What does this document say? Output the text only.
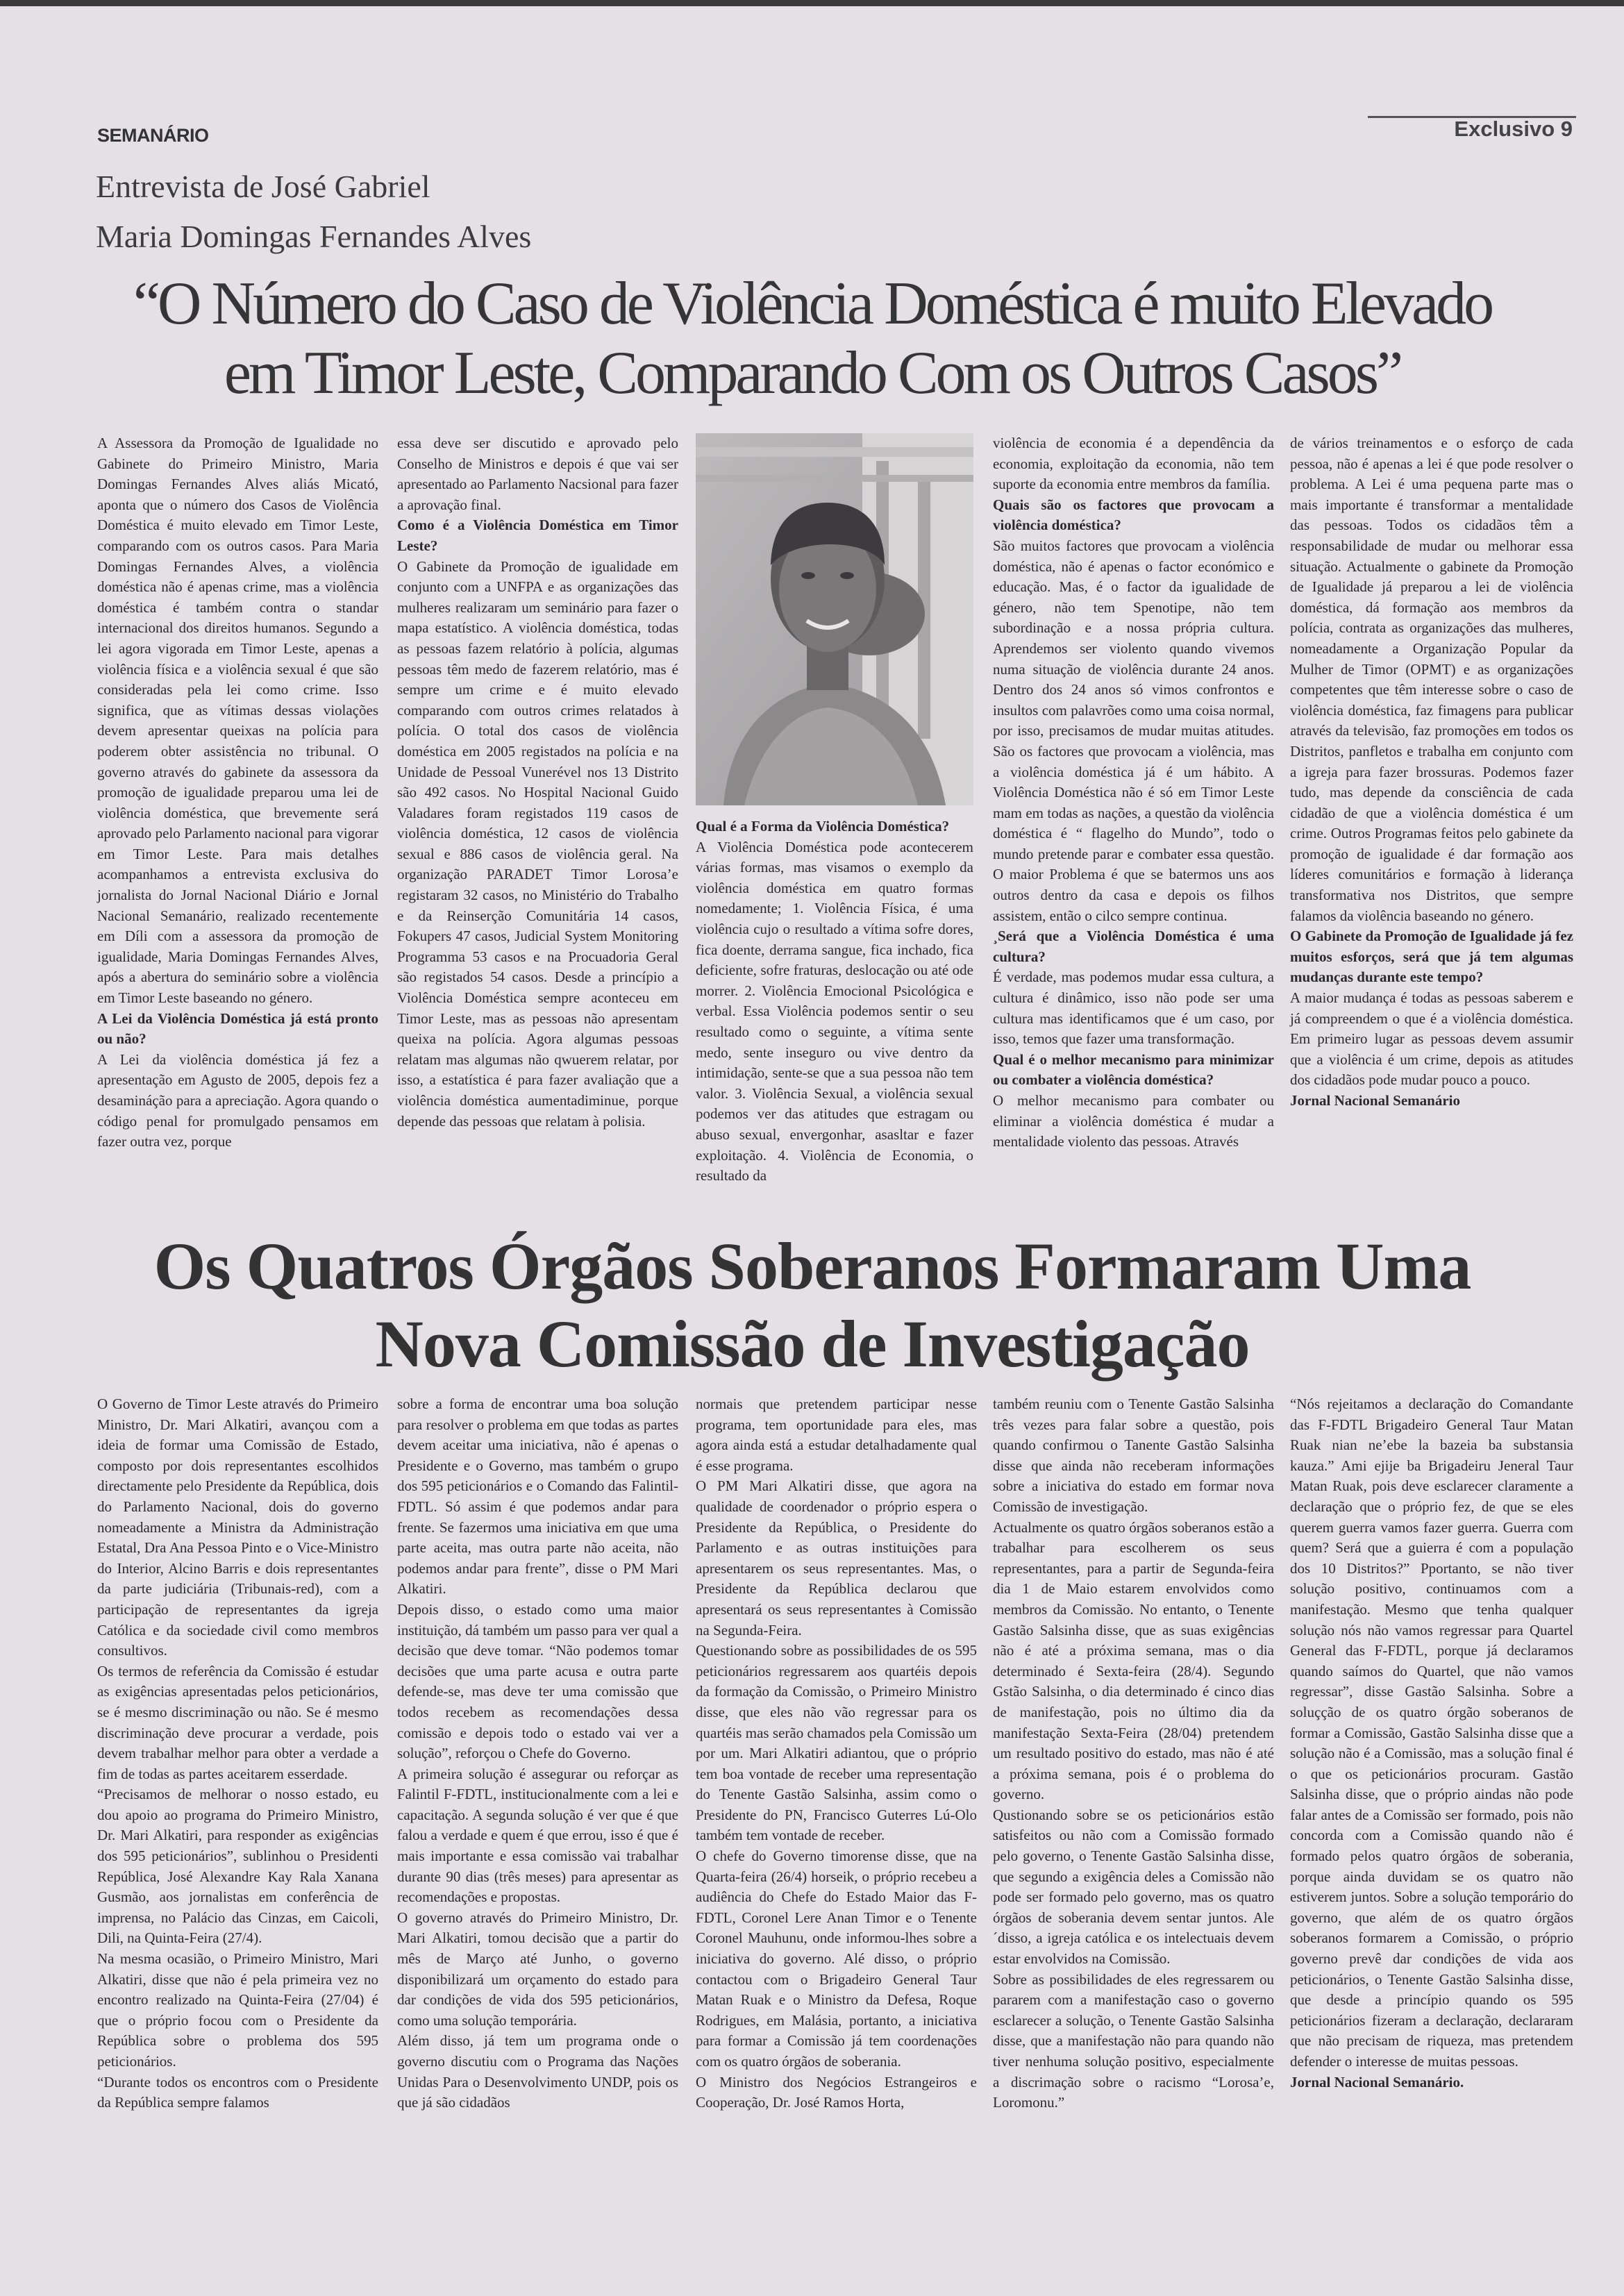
SEMANÁRIO	Exclusivo 9
Entrevista de José Gabriel
Maria Domingas Fernandes Alves
“O Número do Caso de Violência Doméstica é muito Elevado
em Timor Leste, Comparando Com os Outros Casos”

A Assessora da Promoção de Igualidade no Gabinete do Primeiro Ministro, Maria Domingas Fernandes Alves aliás Micató, aponta que o número dos Casos de Violência Doméstica é muito elevado em Timor Leste, comparando com os outros casos. Para Maria Domingas Fernandes Alves, a violência doméstica não é apenas crime, mas a violência doméstica é também contra o standar internacional dos direitos humanos. Segundo a lei agora vigorada em Timor Leste, apenas a violência física e a violência sexual é que são consideradas pela lei como crime. Isso significa, que as vítimas dessas violações devem apresentar queixas na polícia para poderem obter assistência no tribunal. O governo através do gabinete da assessora da promoção de igualidade preparou uma lei de violência doméstica, que brevemente será aprovado pelo Parlamento nacional para vigorar em Timor Leste. Para mais detalhes acompanhamos a entrevista exclusiva do jornalista do Jornal Nacional Diário e Jornal Nacional Semanário, realizado recentemente em Díli com a assessora da promoção de igualidade, Maria Domingas Fernandes Alves, após a abertura do seminário sobre a violência em Timor Leste baseando no género.

A Lei da Violência Doméstica já está pronto ou não?

A Lei da violência doméstica já fez a apresentação em Agusto de 2005, depois fez a desamináção para a apreciação. Agora quando o código penal for promulgado pensamos em fazer outra vez, porque

essa deve ser discutido e aprovado pelo Conselho de Ministros e depois é que vai ser apresentado ao Parlamento Nacsional para fazer a aprovação final.

Como é a Violência Doméstica em Timor Leste?

O Gabinete da Promoção de igualidade em conjunto com a UNFPA e as organizações das mulheres realizaram um seminário para fazer o mapa estatístico. A violência doméstica, todas as pessoas fazem relatório à polícia, algumas pessoas têm medo de fazerem relatório, mas é sempre um crime e é muito elevado comparando com outros crimes relatados à polícia. O total dos casos de violência doméstica em 2005 registados na polícia e na Unidade de Pessoal Vunerével nos 13 Distrito são 492 casos. No Hospital Nacional Guido Valadares foram registados 119 casos de violência doméstica, 12 casos de violência sexual e 886 casos de violência geral. Na organização PARADET Timor Lorosa’e registaram 32 casos, no Ministério do Trabalho e da Reinserção Comunitária 14 casos, Fokupers 47 casos, Judicial System Monitoring Programma 53 casos e na Procuadoria Geral são registados 54 casos. Desde a princípio a Violência Doméstica sempre aconteceu em Timor Leste, mas as pessoas não apresentam queixa na polícia. Agora algumas pessoas relatam mas algumas não qwuerem relatar, por isso, a estatística é para fazer avaliação que a violência doméstica aumentadiminue, porque depende das pessoas que relatam à polisia.

Qual é a Forma da Violência Doméstica?

A Violência Doméstica pode acontecerem várias formas, mas visamos o exemplo da violência doméstica em quatro formas nomedamente; 1. Violência Física, é uma violência cujo o resultado a vítima sofre dores, fica doente, derrama sangue, fica inchado, fica deficiente, sofre fraturas, deslocação ou até ode morrer. 2. Violência Emocional Psicológica e verbal. Essa Violência podemos sentir o seu resultado como o seguinte, a vítima sente medo, sente inseguro ou vive dentro da intimidação, sente-se que a sua pessoa não tem valor. 3. Violência Sexual, a violência sexual podemos ver das atitudes que estragam ou abuso sexual, envergonhar, asasltar e fazer exploitação. 4. Violência de Economia, o resultado da

violência de economia é a dependência da economia, exploitação da economia, não tem suporte da economia entre membros da família.

Quais são os factores que provocam a violência doméstica?

São muitos factores que provocam a violência doméstica, não é apenas o factor económico e educação. Mas, é o factor da igualidade de género, não tem Spenotipe, não tem subordinação e a nossa própria cultura. Aprendemos ser violento quando vivemos numa situação de violência durante 24 anos. Dentro dos 24 anos só vimos confrontos e insultos com palavrões como uma coisa normal, por isso, precisamos de mudar muitas atitudes. São os factores que provocam a violência, mas a violência doméstica já é um hábito. A Violência Doméstica não é só em Timor Leste mam em todas as nações, a questão da violência doméstica é “ flagelho do Mundo”, todo o mundo pretende parar e combater essa questão. O maior Problema é que se batermos uns aos outros dentro da casa e depois os filhos assistem, então o cilco sempre continua.

¸Será que a Violência Doméstica é uma cultura?

É verdade, mas podemos mudar essa cultura, a cultura é dinâmico, isso não pode ser uma cultura mas identificamos que é um caso, por isso, temos que fazer uma transformação.

Qual é o melhor mecanismo para minimizar ou combater a violência doméstica?

O melhor mecanismo para combater ou eliminar a violência doméstica é mudar a mentalidade violento das pessoas. Através

de vários treinamentos e o esforço de cada pessoa, não é apenas a lei é que pode resolver o problema. A Lei é uma pequena parte mas o mais importante é transformar a mentalidade das pessoas. Todos os cidadãos têm a responsabilidade de mudar ou melhorar essa situação. Actualmente o gabinete da Promoção de Igualidade já preparou a lei de violência doméstica, dá formação aos membros da polícia, contrata as organizações das mulheres, nomeadamente a Organização Popular da Mulher de Timor (OPMT) e as organizações competentes que têm interesse sobre o caso de violência doméstica, faz fimagens para publicar através da televisão, faz promoções em todos os Distritos, panfletos e trabalha em conjunto com a igreja para fazer brossuras. Podemos fazer tudo, mas depende da consciência de cada cidadão de que a violência doméstica é um crime. Outros Programas feitos pelo gabinete da promoção de igualidade é dar formação aos líderes comunitários e formação à liderança transformativa nos Distritos, que sempre falamos da violência baseando no género.

O Gabinete da Promoção de Igualidade já fez muitos esforços, será que já tem algumas mudanças durante este tempo?

A maior mudança é todas as pessoas saberem e já compreendem o que é a violência doméstica. Em primeiro lugar as pessoas devem assumir que a violência é um crime, depois as atitudes dos cidadãos pode mudar pouco a pouco.

Jornal Nacional Semanário

Os Quatros Órgãos Soberanos Formaram Uma
Nova Comissão de Investigação

O Governo de Timor Leste através do Primeiro Ministro, Dr. Mari Alkatiri, avançou com a ideia de formar uma Comissão de Estado, composto por dois representantes escolhidos directamente pelo Presidente da República, dois do Parlamento Nacional, dois do governo nomeadamente a Ministra da Administração Estatal, Dra Ana Pessoa Pinto e o Vice-Ministro do Interior, Alcino Barris e dois representantes da parte judiciária (Tribunais-red), com a participação de representantes da igreja Católica e da sociedade civil como membros consultivos.

Os termos de referência da Comissão é estudar as exigências apresentadas pelos peticionários, se é mesmo discriminação ou não. Se é mesmo discriminação deve procurar a verdade, pois devem trabalhar melhor para obter a verdade a fim de todas as partes aceitarem esserdade.

“Precisamos de melhorar o nosso estado, eu dou apoio ao programa do Primeiro Ministro, Dr. Mari Alkatiri, para responder as exigências dos 595 peticionários”, sublinhou o Presidenti República, José Alexandre Kay Rala Xanana Gusmão, aos jornalistas em conferência de imprensa, no Palácio das Cinzas, em Caicoli, Dili, na Quinta-Feira (27/4).

Na mesma ocasião, o Primeiro Ministro, Mari Alkatiri, disse que não é pela primeira vez no encontro realizado na Quinta-Feira (27/04) é que o próprio focou com o Presidente da República sobre o problema dos 595 peticionários.

“Durante todos os encontros com o Presidente da República sempre falamos

sobre a forma de encontrar uma boa solução para resolver o problema em que todas as partes devem aceitar uma iniciativa, não é apenas o Presidente e o Governo, mas também o grupo dos 595 peticionários e o Comando das Falintil-FDTL. Só assim é que podemos andar para frente. Se fazermos uma iniciativa em que uma parte aceita, mas outra parte não aceita, não podemos andar para frente”, disse o PM Mari Alkatiri.

Depois disso, o estado como uma maior instituição, dá também um passo para ver qual a decisão que deve tomar. “Não podemos tomar decisões que uma parte acusa e outra parte defende-se, mas deve ter uma comissão que todos recebem as recomendações dessa comissão e depois todo o estado vai ver a solução”, reforçou o Chefe do Governo.

A primeira solução é assegurar ou reforçar as Falintil F-FDTL, institucionalmente com a lei e capacitação. A segunda solução é ver que é que falou a verdade e quem é que errou, isso é que é mais importante e essa comissão vai trabalhar durante 90 dias (três meses) para apresentar as recomendações e propostas.

O governo através do Primeiro Ministro, Dr. Mari Alkatiri, tomou decisão que a partir do mês de Março até Junho, o governo disponibilizará um orçamento do estado para dar condições de vida dos 595 peticionários, como uma solução temporária.

Além disso, já tem um programa onde o governo discutiu com o Programa das Nações Unidas Para o Desenvolvimento UNDP, pois os que já são cidadãos

normais que pretendem participar nesse programa, tem oportunidade para eles, mas agora ainda está a estudar detalhadamente qual é esse programa.

O PM Mari Alkatiri disse, que agora na qualidade de coordenador o próprio espera o Presidente da República, o Presidente do Parlamento e as outras instituições para apresentarem os seus representantes. Mas, o Presidente da República declarou que apresentará os seus representantes à Comissão na Segunda-Feira.

Questionando sobre as possibilidades de os 595 peticionários regressarem aos quartéis depois da formação da Comissão, o Primeiro Ministro disse, que eles não vão regressar para os quartéis mas serão chamados pela Comissão um por um. Mari Alkatiri adiantou, que o próprio tem boa vontade de receber uma representação do Tenente Gastão Salsinha, assim como o Presidente do PN, Francisco Guterres Lú-Olo também tem vontade de receber.

O chefe do Governo timorense disse, que na Quarta-feira (26/4) horseik, o próprio recebeu a audiência do Chefe do Estado Maior das F-FDTL, Coronel Lere Anan Timor e o Tenente Coronel Mauhunu, onde informou-lhes sobre a iniciativa do governo. Alé disso, o próprio contactou com o Brigadeiro General Taur Matan Ruak e o Ministro da Defesa, Roque Rodrigues, em Malásia, portanto, a iniciativa para formar a Comissão já tem coordenações com os quatro órgãos de soberania.

O Ministro dos Negócios Estrangeiros e Cooperação, Dr. José Ramos Horta,

também reuniu com o Tenente Gastão Salsinha três vezes para falar sobre a questão, pois quando confirmou o Tanente Gastão Salsinha disse que ainda não receberam informações sobre a iniciativa do estado em formar nova Comissão de investigação.

Actualmente os quatro órgãos soberanos estão a trabalhar para escolherem os seus representantes, para a partir de Segunda-feira dia 1 de Maio estarem envolvidos como membros da Comissão. No entanto, o Tenente Gastão Salsinha disse, que as suas exigências não é até a próxima semana, mas o dia determinado é Sexta-feira (28/4). Segundo Gstão Salsinha, o dia determinado é cinco dias de manifestação, pois no último dia da manifestação Sexta-Feira (28/04) pretendem um resultado positivo do estado, mas não é até a próxima semana, pois é o problema do governo.

Qustionando sobre se os peticionários estão satisfeitos ou não com a Comissão formado pelo governo, o Tenente Gastão Salsinha disse, que segundo a exigência deles a Comissão não pode ser formado pelo governo, mas os quatro órgãos de soberania devem sentar juntos. Ale´disso, a igreja católica e os intelectuais devem estar envolvidos na Comissão.

Sobre as possibilidades de eles regressarem ou pararem com a manifestação caso o governo esclarecer a solução, o Tenente Gastão Salsinha disse, que a manifestação não para quando não tiver nenhuma solução positivo, especialmente a discrimação sobre o racismo “Lorosa’e, Loromonu.”

“Nós rejeitamos a declaração do Comandante das F-FDTL Brigadeiro General Taur Matan Ruak nian ne’ebe la bazeia ba substansia kauza.” Ami ejije ba Brigadeiru Jeneral Taur Matan Ruak, pois deve esclarecer claramente a declaração que o próprio fez, de que se eles querem guerra vamos fazer guerra. Guerra com quem? Será que a guierra é com a população dos 10 Distritos?” Pportanto, se não tiver solução positivo, continuamos com a manifestação. Mesmo que tenha qualquer solução nós não vamos regressar para Quartel General das F-FDTL, porque já declaramos quando saímos do Quartel, que não vamos regressar”, disse Gastão Salsinha. Sobre a soluçção de os quatro órgão soberanos de formar a Comissão, Gastão Salsinha disse que a solução não é a Comissão, mas a solução final é o que os peticionários procuram. Gastão Salsinha disse, que o próprio aindas não pode falar antes de a Comissão ser formado, pois não concorda com a Comissão quando não é formado pelos quatro órgãos de soberania, porque ainda duvidam se os quatro não estiverem juntos. Sobre a solução temporário do governo, que além de os quatro órgãos soberanos formarem a Comissão, o próprio governo prevê dar condições de vida aos peticionários, o Tenente Gastão Salsinha disse, que desde a princípio quando os 595 peticionários fizeram a declaração, declararam que não precisam de riqueza, mas pretendem defender o interesse de muitas pessoas.

Jornal Nacional Semanário.
